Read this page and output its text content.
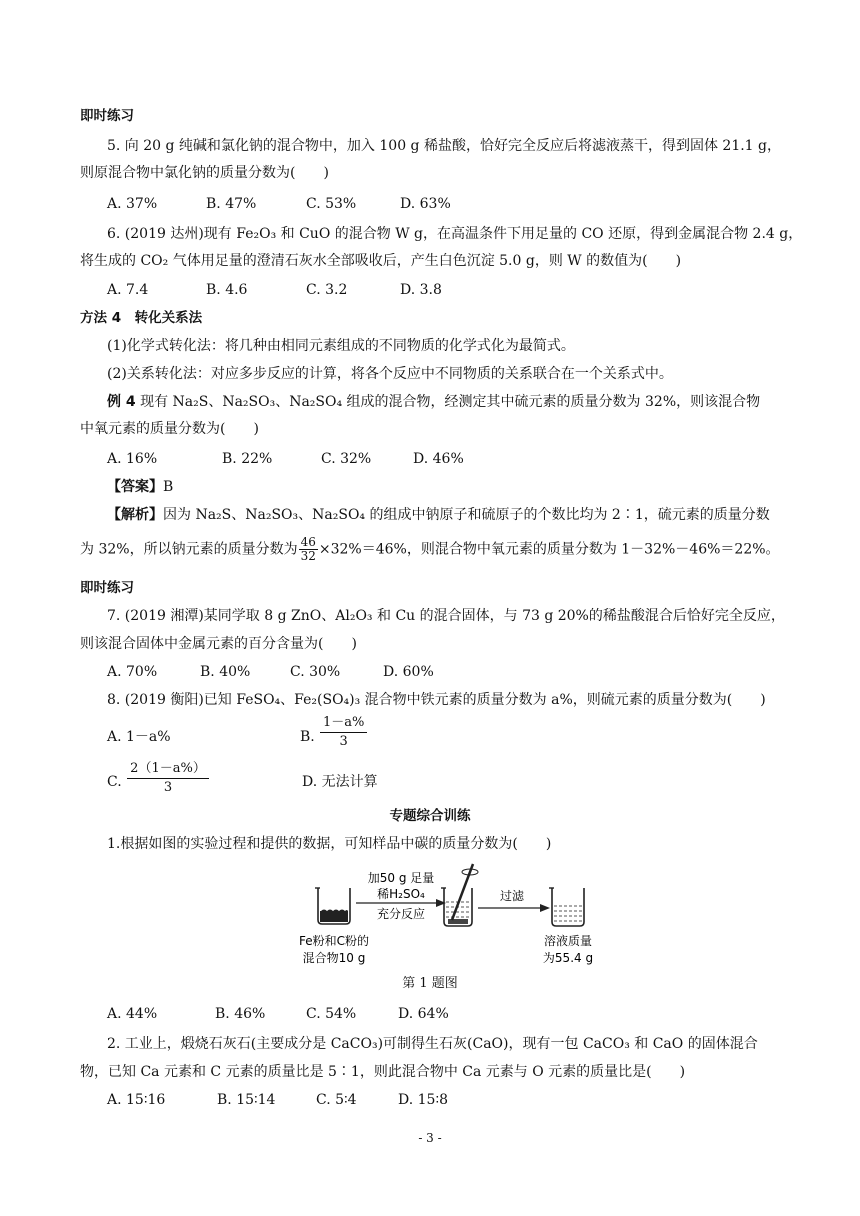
即时练习
5. 向 20 g 纯碱和氯化钠的混合物中，加入 100 g 稀盐酸，恰好完全反应后将滤液蒸干，得到固体 21.1 g，
则原混合物中氯化钠的质量分数为(　　)
A. 37%	B. 47%	C. 53%	D. 63%
6. (2019 达州)现有 Fe₂O₃ 和 CuO 的混合物 W g，在高温条件下用足量的 CO 还原，得到金属混合物 2.4 g，
将生成的 CO₂ 气体用足量的澄清石灰水全部吸收后，产生白色沉淀 5.0 g，则 W 的数值为(　　)
A. 7.4	B. 4.6	C. 3.2	D. 3.8
方法 4　转化关系法
(1)化学式转化法：将几种由相同元素组成的不同物质的化学式化为最简式。
(2)关系转化法：对应多步反应的计算，将各个反应中不同物质的关系联合在一个关系式中。
例 4 现有 Na₂S、Na₂SO₃、Na₂SO₄ 组成的混合物，经测定其中硫元素的质量分数为 32%，则该混合物
中氧元素的质量分数为(　　)
A. 16%	B. 22%	C. 32%	D. 46%
【答案】B
【解析】因为 Na₂S、Na₂SO₃、Na₂SO₄ 的组成中钠原子和硫原子的个数比均为 2∶1，硫元素的质量分数
为 32%，所以钠元素的质量分数为 $\frac{46}{32} \times 32\%=46\%$，则混合物中氧元素的质量分数为 1－32%－46%＝22%。
即时练习
7. (2019 湘潭)某同学取 8 g ZnO、Al₂O₃ 和 Cu 的混合固体，与 73 g 20%的稀盐酸混合后恰好完全反应，
则该混合固体中金属元素的百分含量为(　　)
A. 70%	B. 40%	C. 30%	D. 60%
8. (2019 衡阳)已知 FeSO₄、Fe₂(SO₄)₃ 混合物中铁元素的质量分数为 a%，则硫元素的质量分数为(　　)
A. 1－a%	B. $\frac{1-a\%}{3}$
C. $\frac{2(1-a\%)}{3}$	D. 无法计算
专题综合训练
1.根据如图的实验过程和提供的数据，可知样品中碳的质量分数为(　　)
加50 g 足量
稀H₂SO₄
充分反应
过滤
Fe粉和C粉的
混合物10 g
溶液质量
为55.4 g
第 1 题图
A. 44%	B. 46%	C. 54%	D. 64%
2. 工业上，煅烧石灰石(主要成分是 CaCO₃)可制得生石灰(CaO)，现有一包 CaCO₃ 和 CaO 的固体混合
物，已知 Ca 元素和 C 元素的质量比是 5∶1，则此混合物中 Ca 元素与 O 元素的质量比是(　　)
A. 15∶16	B. 15∶14	C. 5∶4	D. 15∶8
- 3 -
